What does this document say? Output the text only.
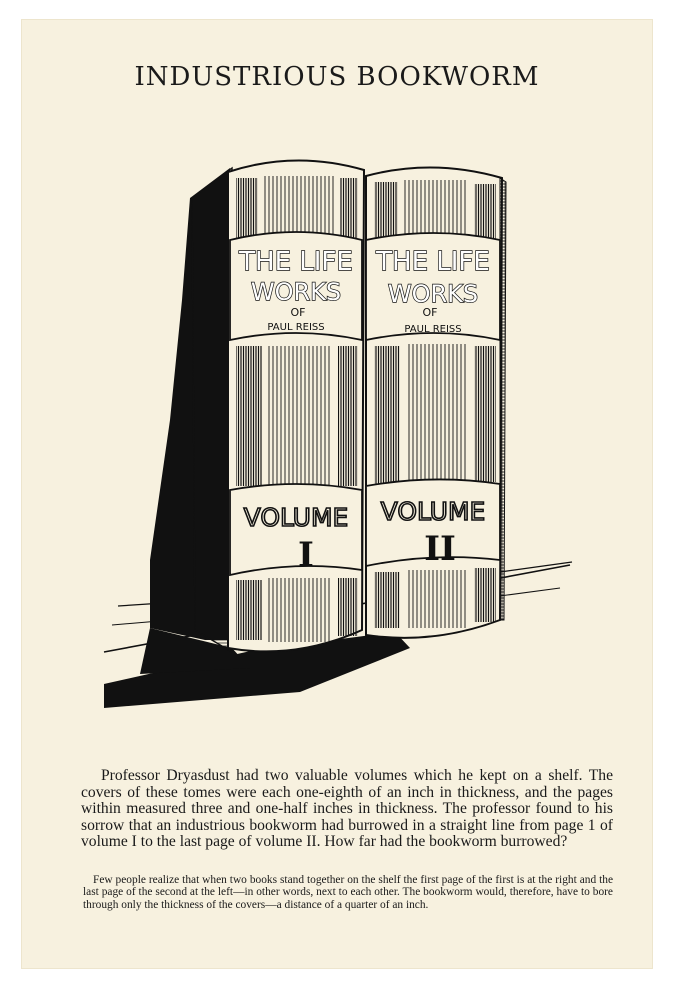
INDUSTRIOUS BOOKWORM
THE LIFE
WORKS
OF
PAUL REISS
VOLUME
I
THE LIFE
WORKS
OF
PAUL REISS
VOLUME
II

Professor Dryasdust had two valuable volumes which he kept on a shelf. The covers of these tomes were each one-eighth of an inch in thickness, and the pages within measured three and one-half inches in thickness. The professor found to his sorrow that an industrious bookworm had burrowed in a straight line from page 1 of volume I to the last page of volume II. How far had the bookworm burrowed?

Few people realize that when two books stand together on the shelf the first page of the first is at the right and the last page of the second at the left—in other words, next to each other. The bookworm would, therefore, have to bore through only the thickness of the covers—a distance of a quarter of an inch.
